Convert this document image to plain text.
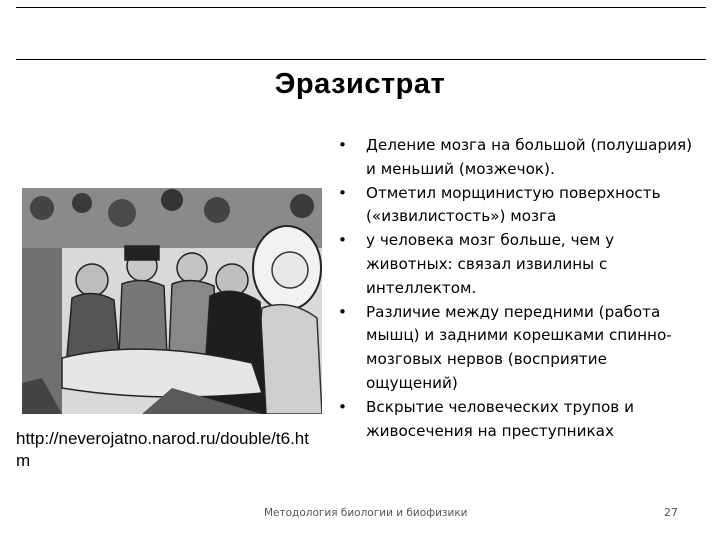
Эразистрат
http://neverojatno.narod.ru/double/t6.htm
• Деление мозга на большой (полушария) и меньший (мозжечок).
• Отметил морщинистую поверхность («извилистость») мозга
• у человека мозг больше, чем у животных: связал извилины с интеллектом.
• Различие между передними (работа мышц) и задними корешками спинно-мозговых нервов (восприятие ощущений)
• Вскрытие человеческих трупов и живосечения на преступниках
Методология биологии и биофизики	27
